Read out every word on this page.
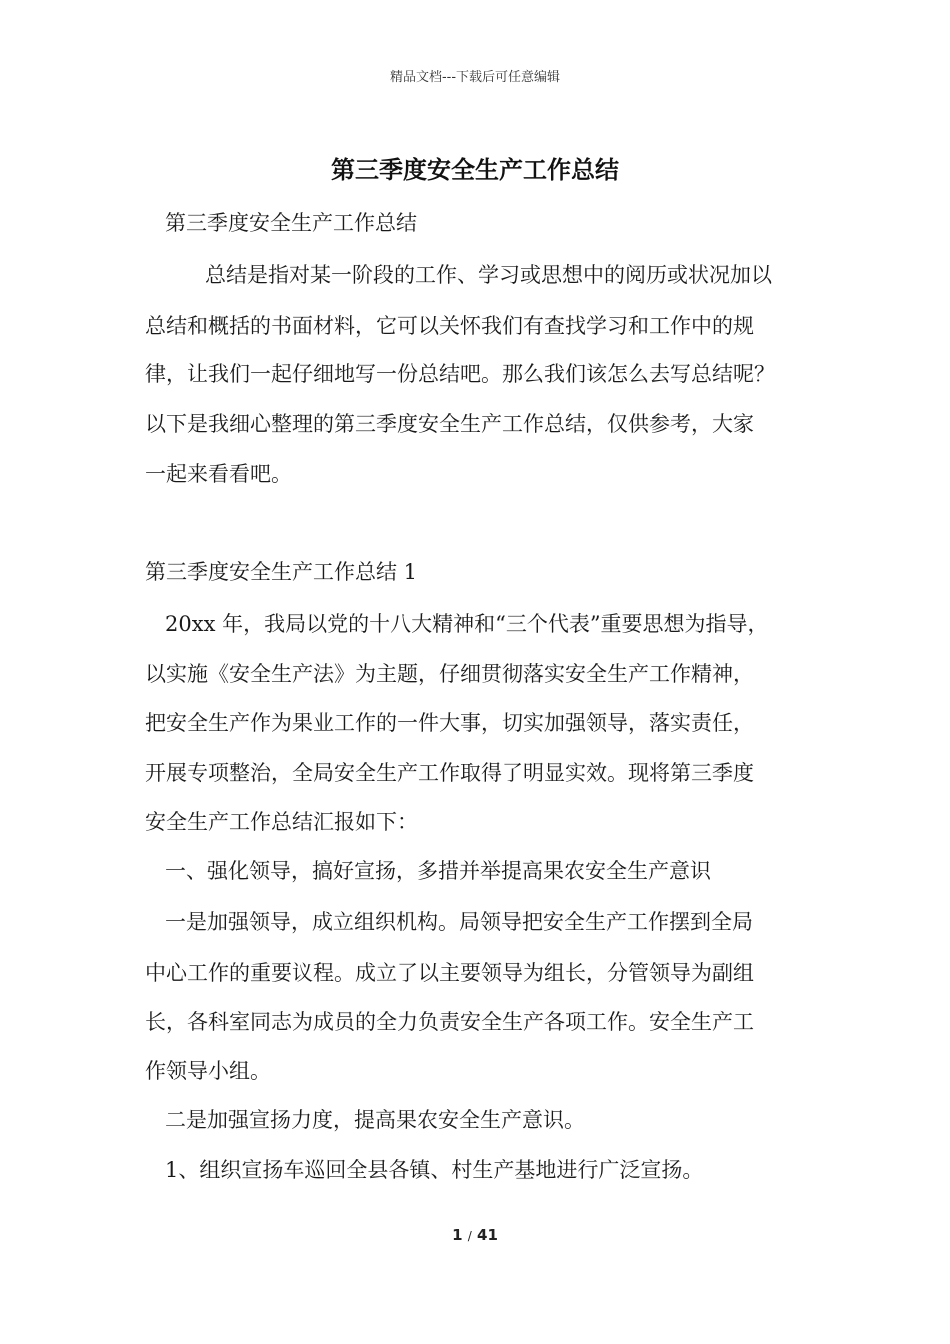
精品文档---下载后可任意编辑
第三季度安全生产工作总结
第三季度安全生产工作总结
总结是指对某一阶段的工作、学习或思想中的阅历或状况加以
总结和概括的书面材料，它可以关怀我们有查找学习和工作中的规
律，让我们一起仔细地写一份总结吧。那么我们该怎么去写总结呢？
以下是我细心整理的第三季度安全生产工作总结，仅供参考，大家
一起来看看吧。
第三季度安全生产工作总结 1
20xx 年，我局以党的十八大精神和“三个代表”重要思想为指导，
以实施《安全生产法》为主题，仔细贯彻落实安全生产工作精神，
把安全生产作为果业工作的一件大事，切实加强领导，落实责任，
开展专项整治，全局安全生产工作取得了明显实效。现将第三季度
安全生产工作总结汇报如下：
一、强化领导，搞好宣扬，多措并举提高果农安全生产意识
一是加强领导，成立组织机构。局领导把安全生产工作摆到全局
中心工作的重要议程。成立了以主要领导为组长，分管领导为副组
长，各科室同志为成员的全力负责安全生产各项工作。安全生产工
作领导小组。
二是加强宣扬力度，提高果农安全生产意识。
1、组织宣扬车巡回全县各镇、村生产基地进行广泛宣扬。
1 / 41
